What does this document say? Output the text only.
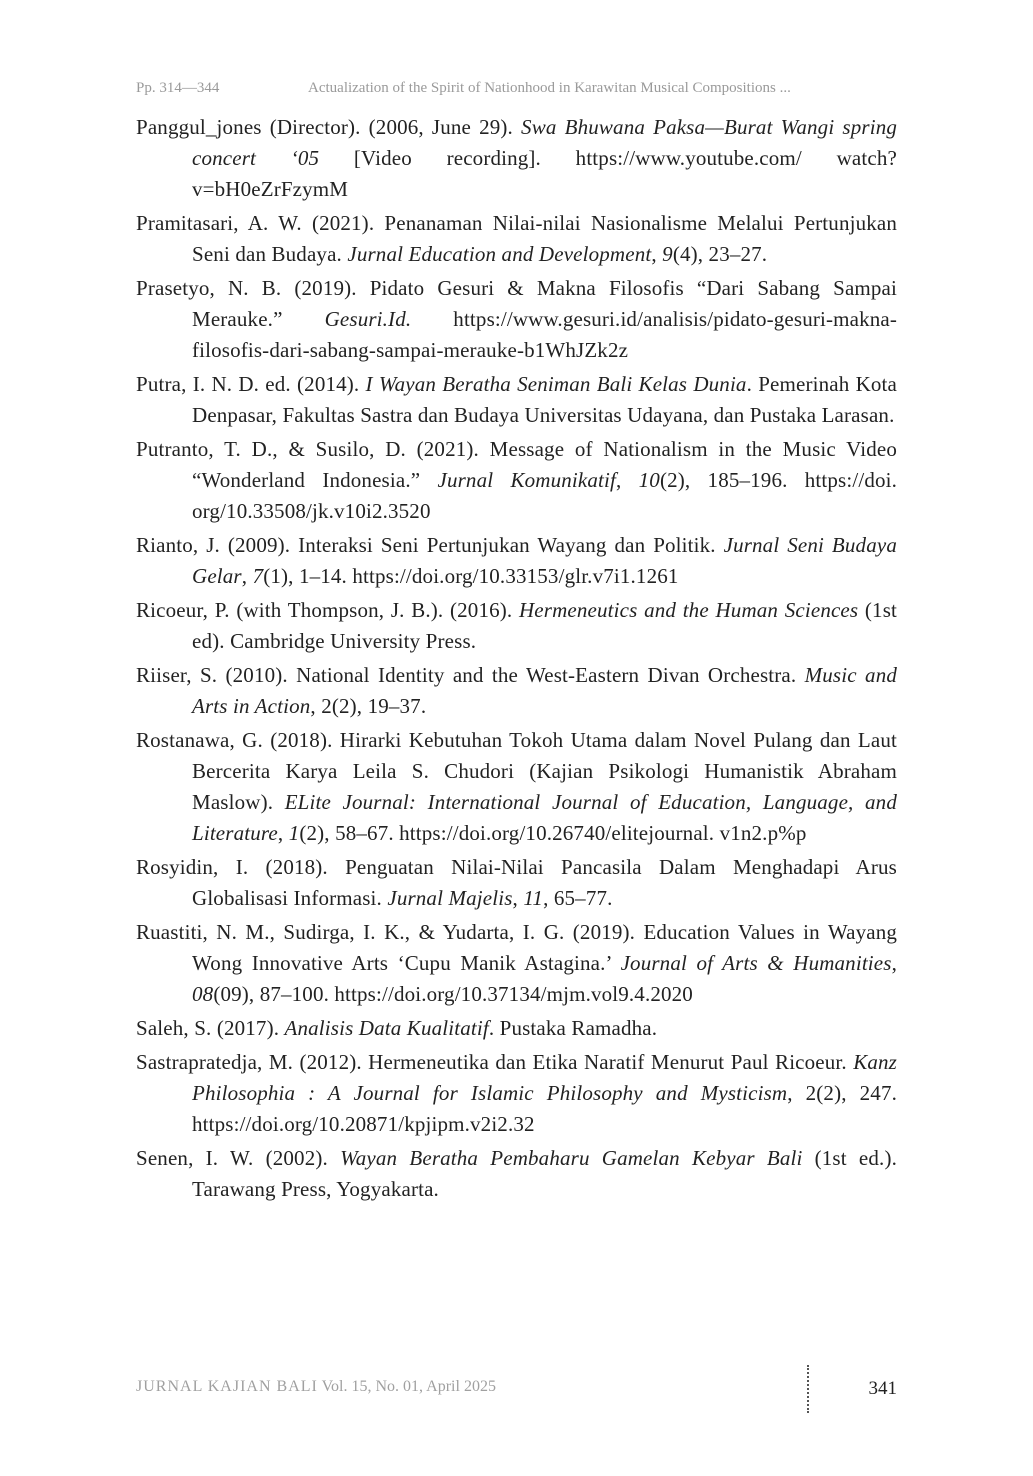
Pp. 314—344	Actualization of the Spirit of Nationhood in Karawitan Musical Compositions ...

Panggul_jones (Director). (2006, June 29). Swa Bhuwana Paksa—Burat Wangi spring concert ‘05 [Video recording]. https://www.youtube.com/ watch?v=bH0eZrFzymM

Pramitasari, A. W. (2021). Penanaman Nilai-nilai Nasionalisme Melalui Pertunjukan Seni dan Budaya. Jurnal Education and Development, 9(4), 23–27.

Prasetyo, N. B. (2019). Pidato Gesuri & Makna Filosofis “Dari Sabang Sampai Merauke.” Gesuri.Id. https://www.gesuri.id/analisis/pidato-gesuri-makna-filosofis-dari-sabang-sampai-merauke-b1WhJZk2z

Putra, I. N. D. ed. (2014). I Wayan Beratha Seniman Bali Kelas Dunia. Pemerinah Kota Denpasar, Fakultas Sastra dan Budaya Universitas Udayana, dan Pustaka Larasan.

Putranto, T. D., & Susilo, D. (2021). Message of Nationalism in the Music Video “Wonderland Indonesia.” Jurnal Komunikatif, 10(2), 185–196. https://doi. org/10.33508/jk.v10i2.3520

Rianto, J. (2009). Interaksi Seni Pertunjukan Wayang dan Politik. Jurnal Seni Budaya Gelar, 7(1), 1–14. https://doi.org/10.33153/glr.v7i1.1261

Ricoeur, P. (with Thompson, J. B.). (2016). Hermeneutics and the Human Sciences (1st ed). Cambridge University Press.

Riiser, S. (2010). National Identity and the West-Eastern Divan Orchestra. Music and Arts in Action, 2(2), 19–37.

Rostanawa, G. (2018). Hirarki Kebutuhan Tokoh Utama dalam Novel Pulang dan Laut Bercerita Karya Leila S. Chudori (Kajian Psikologi Humanistik Abraham Maslow). ELite Journal: International Journal of Education, Language, and Literature, 1(2), 58–67. https://doi.org/10.26740/elitejournal. v1n2.p%p

Rosyidin, I. (2018). Penguatan Nilai-Nilai Pancasila Dalam Menghadapi Arus Globalisasi Informasi. Jurnal Majelis, 11, 65–77.

Ruastiti, N. M., Sudirga, I. K., & Yudarta, I. G. (2019). Education Values in Wayang Wong Innovative Arts ‘Cupu Manik Astagina.’ Journal of Arts & Humanities, 08(09), 87–100. https://doi.org/10.37134/mjm.vol9.4.2020

Saleh, S. (2017). Analisis Data Kualitatif. Pustaka Ramadha.

Sastrapratedja, M. (2012). Hermeneutika dan Etika Naratif Menurut Paul Ricoeur. Kanz Philosophia : A Journal for Islamic Philosophy and Mysticism, 2(2), 247. https://doi.org/10.20871/kpjipm.v2i2.32

Senen, I. W. (2002). Wayan Beratha Pembaharu Gamelan Kebyar Bali (1st ed.). Tarawang Press, Yogyakarta.

JURNAL KAJIAN BALI Vol. 15, No. 01, April 2025	341
